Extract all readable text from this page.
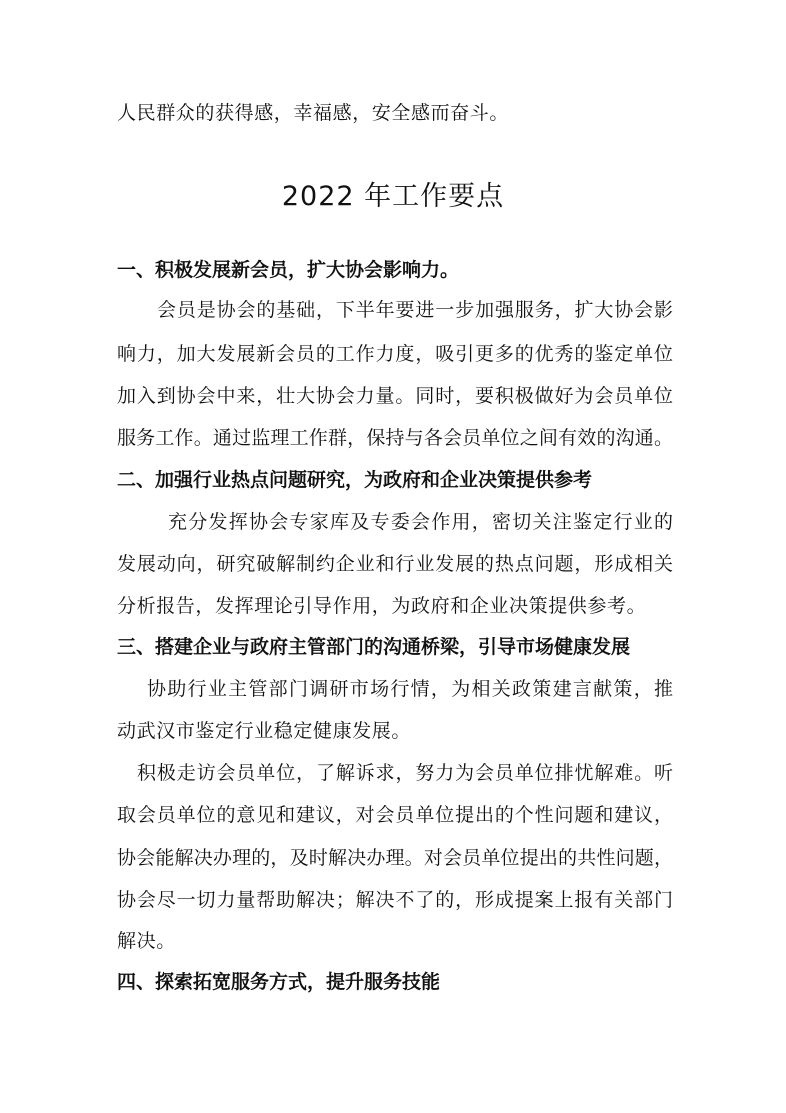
人民群众的获得感，幸福感，安全感而奋斗。
2022 年工作要点
一、积极发展新会员，扩大协会影响力。
会员是协会的基础，下半年要进一步加强服务，扩大协会影
响力，加大发展新会员的工作力度，吸引更多的优秀的鉴定单位
加入到协会中来，壮大协会力量。同时，要积极做好为会员单位
服务工作。通过监理工作群，保持与各会员单位之间有效的沟通。
二、加强行业热点问题研究，为政府和企业决策提供参考
充分发挥协会专家库及专委会作用，密切关注鉴定行业的
发展动向，研究破解制约企业和行业发展的热点问题，形成相关
分析报告，发挥理论引导作用，为政府和企业决策提供参考。
三、搭建企业与政府主管部门的沟通桥梁，引导市场健康发展
协助行业主管部门调研市场行情，为相关政策建言献策，推
动武汉市鉴定行业稳定健康发展。
积极走访会员单位，了解诉求，努力为会员单位排忧解难。听
取会员单位的意见和建议，对会员单位提出的个性问题和建议，
协会能解决办理的，及时解决办理。对会员单位提出的共性问题，
协会尽一切力量帮助解决；解决不了的，形成提案上报有关部门
解决。
四、探索拓宽服务方式，提升服务技能
